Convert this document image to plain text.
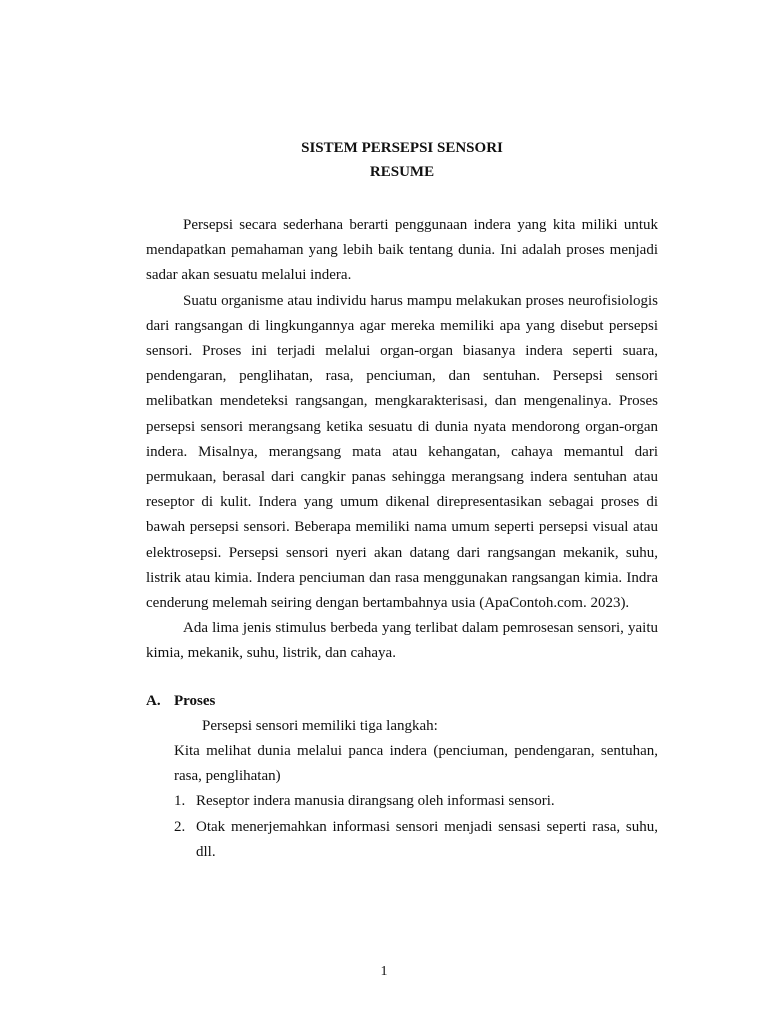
SISTEM PERSEPSI SENSORI
RESUME

Persepsi secara sederhana berarti penggunaan indera yang kita miliki untuk mendapatkan pemahaman yang lebih baik tentang dunia. Ini adalah proses menjadi sadar akan sesuatu melalui indera.

Suatu organisme atau individu harus mampu melakukan proses neurofisiologis dari rangsangan di lingkungannya agar mereka memiliki apa yang disebut persepsi sensori. Proses ini terjadi melalui organ-organ biasanya indera seperti suara, pendengaran, penglihatan, rasa, penciuman, dan sentuhan. Persepsi sensori melibatkan mendeteksi rangsangan, mengkarakterisasi, dan mengenalinya. Proses persepsi sensori merangsang ketika sesuatu di dunia nyata mendorong organ-organ indera. Misalnya, merangsang mata atau kehangatan, cahaya memantul dari permukaan, berasal dari cangkir panas sehingga merangsang indera sentuhan atau reseptor di kulit. Indera yang umum dikenal direpresentasikan sebagai proses di bawah persepsi sensori. Beberapa memiliki nama umum seperti persepsi visual atau elektrosepsi. Persepsi sensori nyeri akan datang dari rangsangan mekanik, suhu, listrik atau kimia. Indera penciuman dan rasa menggunakan rangsangan kimia. Indra cenderung melemah seiring dengan bertambahnya usia (ApaContoh.com. 2023).

Ada lima jenis stimulus berbeda yang terlibat dalam pemrosesan sensori, yaitu kimia, mekanik, suhu, listrik, dan cahaya.

A. Proses

Persepsi sensori memiliki tiga langkah:

Kita melihat dunia melalui panca indera (penciuman, pendengaran, sentuhan, rasa, penglihatan)

1. Reseptor indera manusia dirangsang oleh informasi sensori.
2. Otak menerjemahkan informasi sensori menjadi sensasi seperti rasa, suhu, dll.
1
